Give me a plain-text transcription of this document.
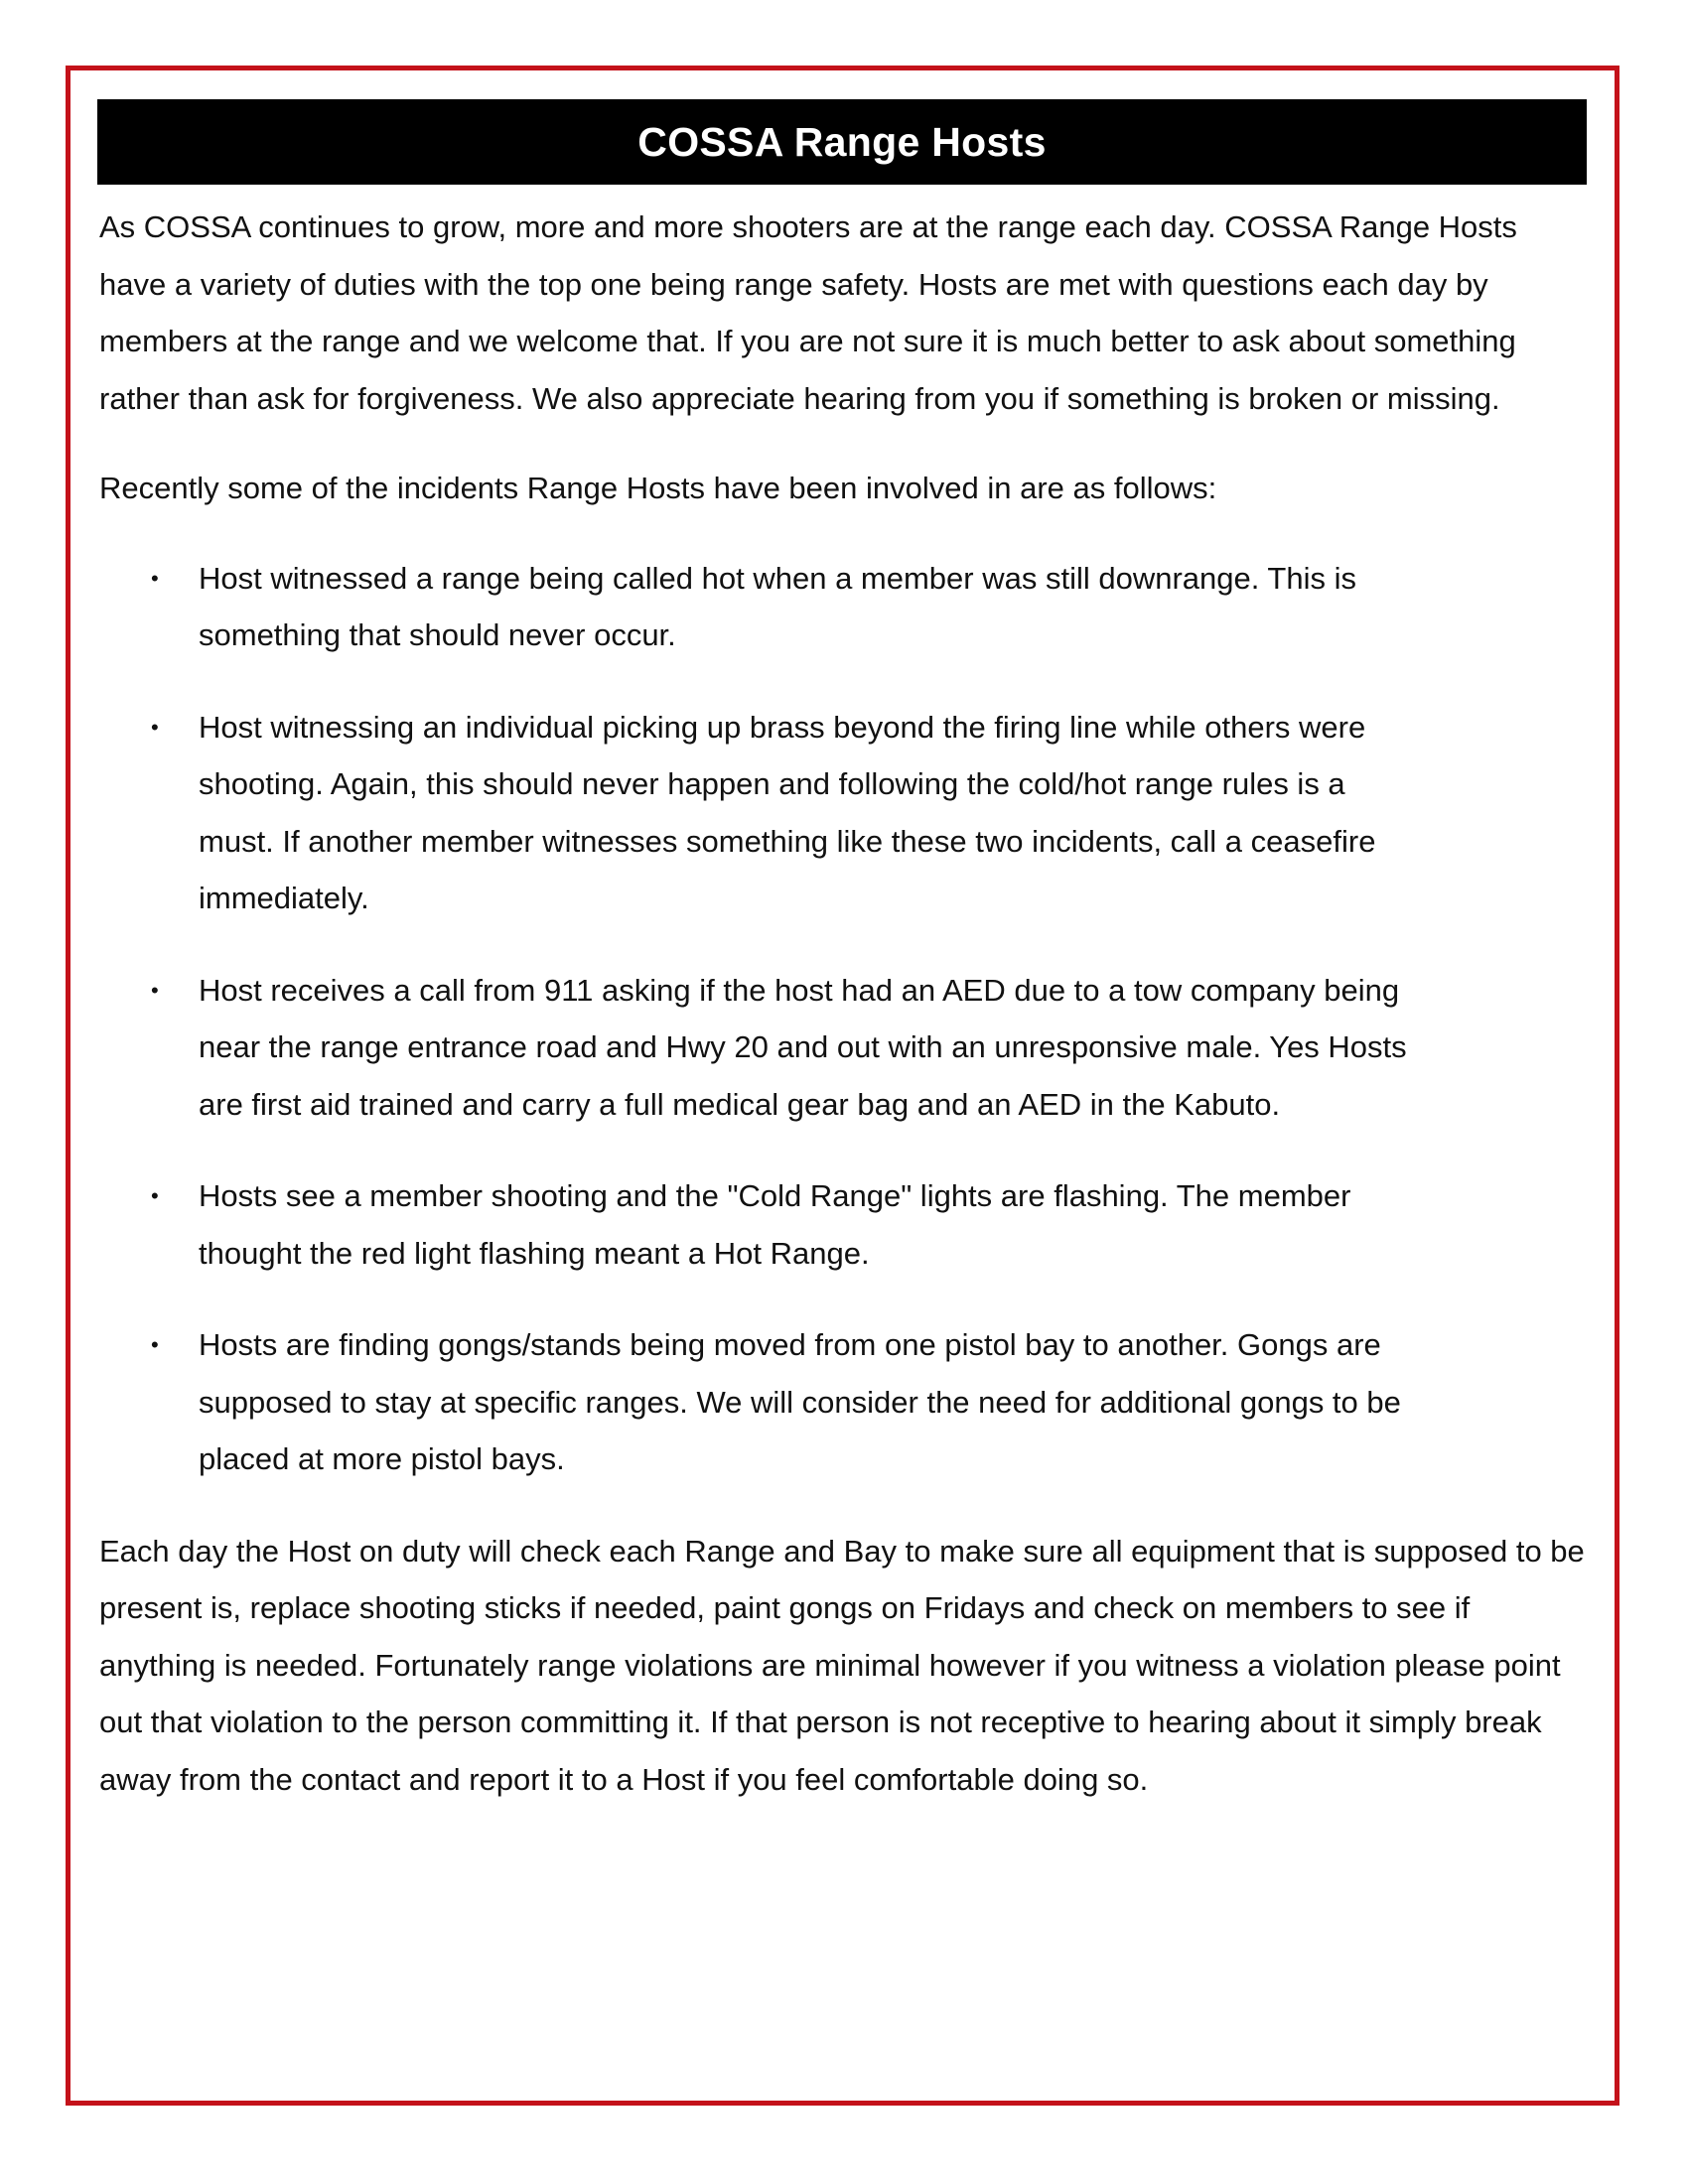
COSSA Range Hosts

As COSSA continues to grow, more and more shooters are at the range each day. COSSA Range Hosts have a variety of duties with the top one being range safety. Hosts are met with questions each day by members at the range and we welcome that. If you are not sure it is much better to ask about something rather than ask for forgiveness. We also appreciate hearing from you if something is broken or missing.

Recently some of the incidents Range Hosts have been involved in are as follows:

• Host witnessed a range being called hot when a member was still downrange. This is something that should never occur.
• Host witnessing an individual picking up brass beyond the firing line while others were shooting. Again, this should never happen and following the cold/hot range rules is a must. If another member witnesses something like these two incidents, call a ceasefire immediately.
• Host receives a call from 911 asking if the host had an AED due to a tow company being near the range entrance road and Hwy 20 and out with an unresponsive male. Yes Hosts are first aid trained and carry a full medical gear bag and an AED in the Kabuto.
• Hosts see a member shooting and the "Cold Range" lights are flashing. The member thought the red light flashing meant a Hot Range.
• Hosts are finding gongs/stands being moved from one pistol bay to another. Gongs are supposed to stay at specific ranges. We will consider the need for additional gongs to be placed at more pistol bays.

Each day the Host on duty will check each Range and Bay to make sure all equipment that is supposed to be present is, replace shooting sticks if needed, paint gongs on Fridays and check on members to see if anything is needed. Fortunately range violations are minimal however if you witness a violation please point out that violation to the person committing it. If that person is not receptive to hearing about it simply break away from the contact and report it to a Host if you feel comfortable doing so.
